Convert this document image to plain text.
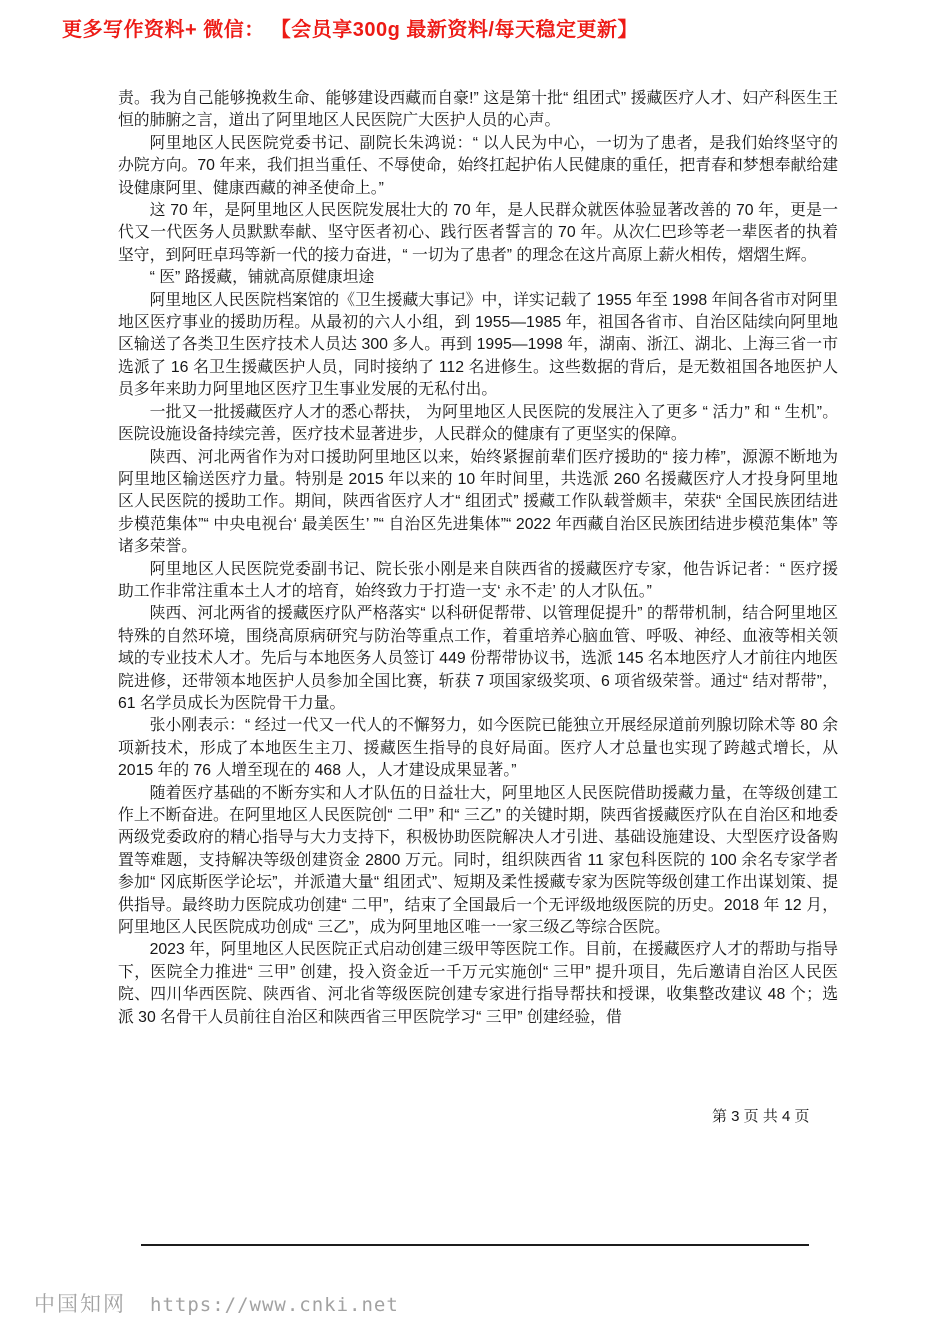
更多写作资料+ 微信： 【会员享300g 最新资料/每天稳定更新】

责。我为自己能够挽救生命、能够建设西藏而自豪!” 这是第十批“ 组团式” 援藏医疗人才、妇产科医生王恒的肺腑之言，道出了阿里地区人民医院广大医护人员的心声。

阿里地区人民医院党委书记、副院长朱鸿说：“ 以人民为中心，一切为了患者，是我们始终坚守的办院方向。70 年来，我们担当重任、不辱使命，始终扛起护佑人民健康的重任，把青春和梦想奉献给建设健康阿里、健康西藏的神圣使命上。”

这 70 年，是阿里地区人民医院发展壮大的 70 年，是人民群众就医体验显著改善的 70 年，更是一代又一代医务人员默默奉献、坚守医者初心、践行医者誓言的 70 年。从次仁巴珍等老一辈医者的执着坚守，到阿旺卓玛等新一代的接力奋进，“ 一切为了患者” 的理念在这片高原上薪火相传，熠熠生辉。

“ 医” 路援藏，铺就高原健康坦途

阿里地区人民医院档案馆的《卫生援藏大事记》中，详实记载了 1955 年至 1998 年间各省市对阿里地区医疗事业的援助历程。从最初的六人小组，到 1955—1985 年，祖国各省市、自治区陆续向阿里地区输送了各类卫生医疗技术人员达 300 多人。再到 1995—1998 年，湖南、浙江、湖北、上海三省一市选派了 16 名卫生援藏医护人员，同时接纳了 112 名进修生。这些数据的背后，是无数祖国各地医护人员多年来助力阿里地区医疗卫生事业发展的无私付出。

一批又一批援藏医疗人才的悉心帮扶， 为阿里地区人民医院的发展注入了更多 “ 活力” 和 “ 生机”。医院设施设备持续完善，医疗技术显著进步，人民群众的健康有了更坚实的保障。

陕西、河北两省作为对口援助阿里地区以来，始终紧握前辈们医疗援助的“ 接力棒”，源源不断地为阿里地区输送医疗力量。特别是 2015 年以来的 10 年时间里，共选派 260 名援藏医疗人才投身阿里地区人民医院的援助工作。期间，陕西省医疗人才“ 组团式” 援藏工作队载誉颇丰，荣获“ 全国民族团结进步模范集体”“ 中央电视台‘ 最美医生’ ”“ 自治区先进集体”“ 2022 年西藏自治区民族团结进步模范集体” 等诸多荣誉。

阿里地区人民医院党委副书记、院长张小刚是来自陕西省的援藏医疗专家，他告诉记者：“ 医疗援助工作非常注重本土人才的培育，始终致力于打造一支‘ 永不走’ 的人才队伍。”

陕西、河北两省的援藏医疗队严格落实“ 以科研促帮带、以管理促提升” 的帮带机制，结合阿里地区特殊的自然环境，围绕高原病研究与防治等重点工作，着重培养心脑血管、呼吸、神经、血液等相关领域的专业技术人才。先后与本地医务人员签订 449 份帮带协议书，选派 145 名本地医疗人才前往内地医院进修，还带领本地医护人员参加全国比赛，斩获 7 项国家级奖项、6 项省级荣誉。通过“ 结对帮带”，61 名学员成长为医院骨干力量。

张小刚表示：“ 经过一代又一代人的不懈努力，如今医院已能独立开展经尿道前列腺切除术等 80 余项新技术，形成了本地医生主刀、援藏医生指导的良好局面。医疗人才总量也实现了跨越式增长，从 2015 年的 76 人增至现在的 468 人，人才建设成果显著。”

随着医疗基础的不断夯实和人才队伍的日益壮大，阿里地区人民医院借助援藏力量，在等级创建工作上不断奋进。在阿里地区人民医院创“ 二甲” 和“ 三乙” 的关键时期，陕西省援藏医疗队在自治区和地委两级党委政府的精心指导与大力支持下，积极协助医院解决人才引进、基础设施建设、大型医疗设备购置等难题，支持解决等级创建资金 2800 万元。同时，组织陕西省 11 家包科医院的 100 余名专家学者参加“ 冈底斯医学论坛”，并派遣大量“ 组团式”、短期及柔性援藏专家为医院等级创建工作出谋划策、提供指导。最终助力医院成功创建“ 二甲”，结束了全国最后一个无评级地级医院的历史。2018 年 12 月，阿里地区人民医院成功创成“ 三乙”，成为阿里地区唯一一家三级乙等综合医院。

2023 年，阿里地区人民医院正式启动创建三级甲等医院工作。目前，在援藏医疗人才的帮助与指导下，医院全力推进“ 三甲” 创建，投入资金近一千万元实施创“ 三甲” 提升项目，先后邀请自治区人民医院、四川华西医院、陕西省、河北省等级医院创建专家进行指导帮扶和授课，收集整改建议 48 个；选派 30 名骨干人员前往自治区和陕西省三甲医院学习“ 三甲” 创建经验，借

第 3 页 共 4 页
中国知网 https://www.cnki.net
